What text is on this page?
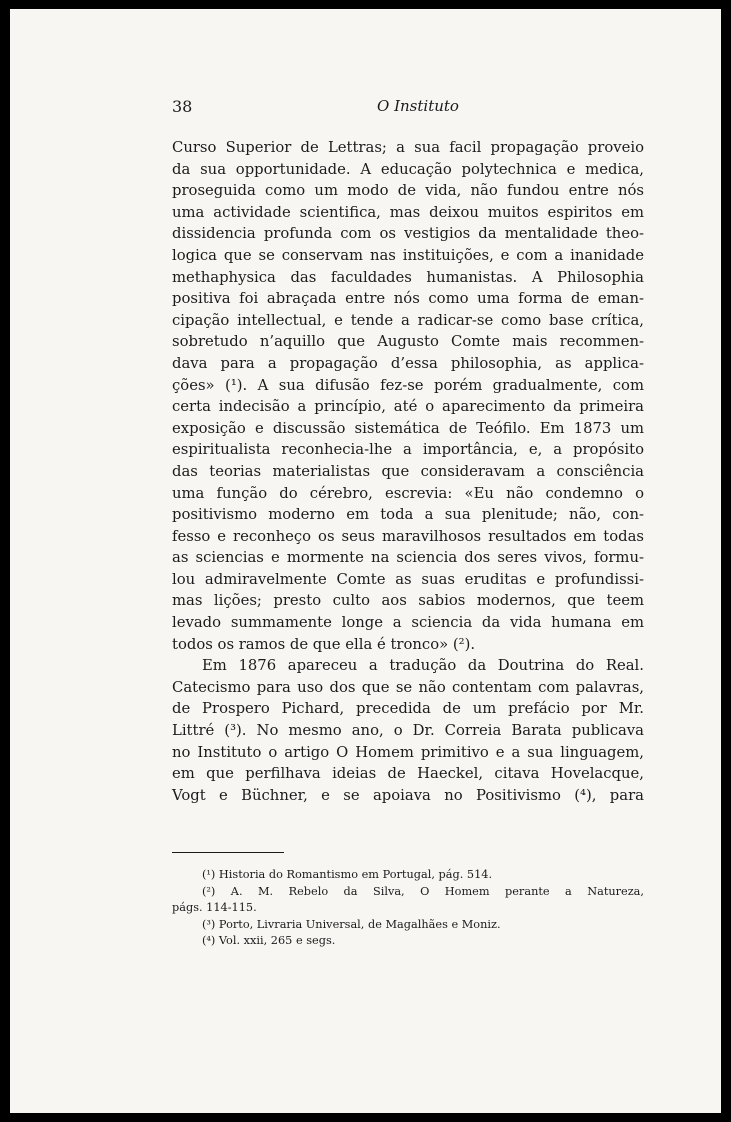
38	O Instituto
Curso Superior de Lettras; a sua facil propagação proveio
da sua opportunidade. A educação polytechnica e medica,
proseguida como um modo de vida, não fundou entre nós
uma actividade scientifica, mas deixou muitos espiritos em
dissidencia profunda com os vestigios da mentalidade theo-
logica que se conservam nas instituições, e com a inanidade
methaphysica das faculdades humanistas. A Philosophia
positiva foi abraçada entre nós como uma forma de eman-
cipação intellectual, e tende a radicar-se como base crítica,
sobretudo n’aquillo que Augusto Comte mais recommen-
dava para a propagação d’essa philosophia, as applica-
ções» (¹). A sua difusão fez-se porém gradualmente, com
certa indecisão a princípio, até o aparecimento da primeira
exposição e discussão sistemática de Teófilo. Em 1873 um
espiritualista reconhecia-lhe a importância, e, a propósito
das teorias materialistas que consideravam a consciência
uma função do cérebro, escrevia: «Eu não condemno o
positivismo moderno em toda a sua plenitude; não, con-
fesso e reconheço os seus maravilhosos resultados em todas
as sciencias e mormente na sciencia dos seres vivos, formu-
lou admiravelmente Comte as suas eruditas e profundissi-
mas lições; presto culto aos sabios modernos, que teem
levado summamente longe a sciencia da vida humana em
todos os ramos de que ella é tronco» (²).
Em 1876 apareceu a tradução da Doutrina do Real.
Catecismo para uso dos que se não contentam com palavras,
de Prospero Pichard, precedida de um prefácio por Mr.
Littré (³). No mesmo ano, o Dr. Correia Barata publicava
no Instituto o artigo O Homem primitivo e a sua linguagem,
em que perfilhava ideias de Haeckel, citava Hovelacque,
Vogt e Büchner, e se apoiava no Positivismo (⁴), para
(¹) Historia do Romantismo em Portugal, pág. 514.
(²) A. M. Rebelo da Silva, O Homem perante a Natureza,
págs. 114-115.
(³) Porto, Livraria Universal, de Magalhães e Moniz.
(⁴) Vol. xxii, 265 e segs.
